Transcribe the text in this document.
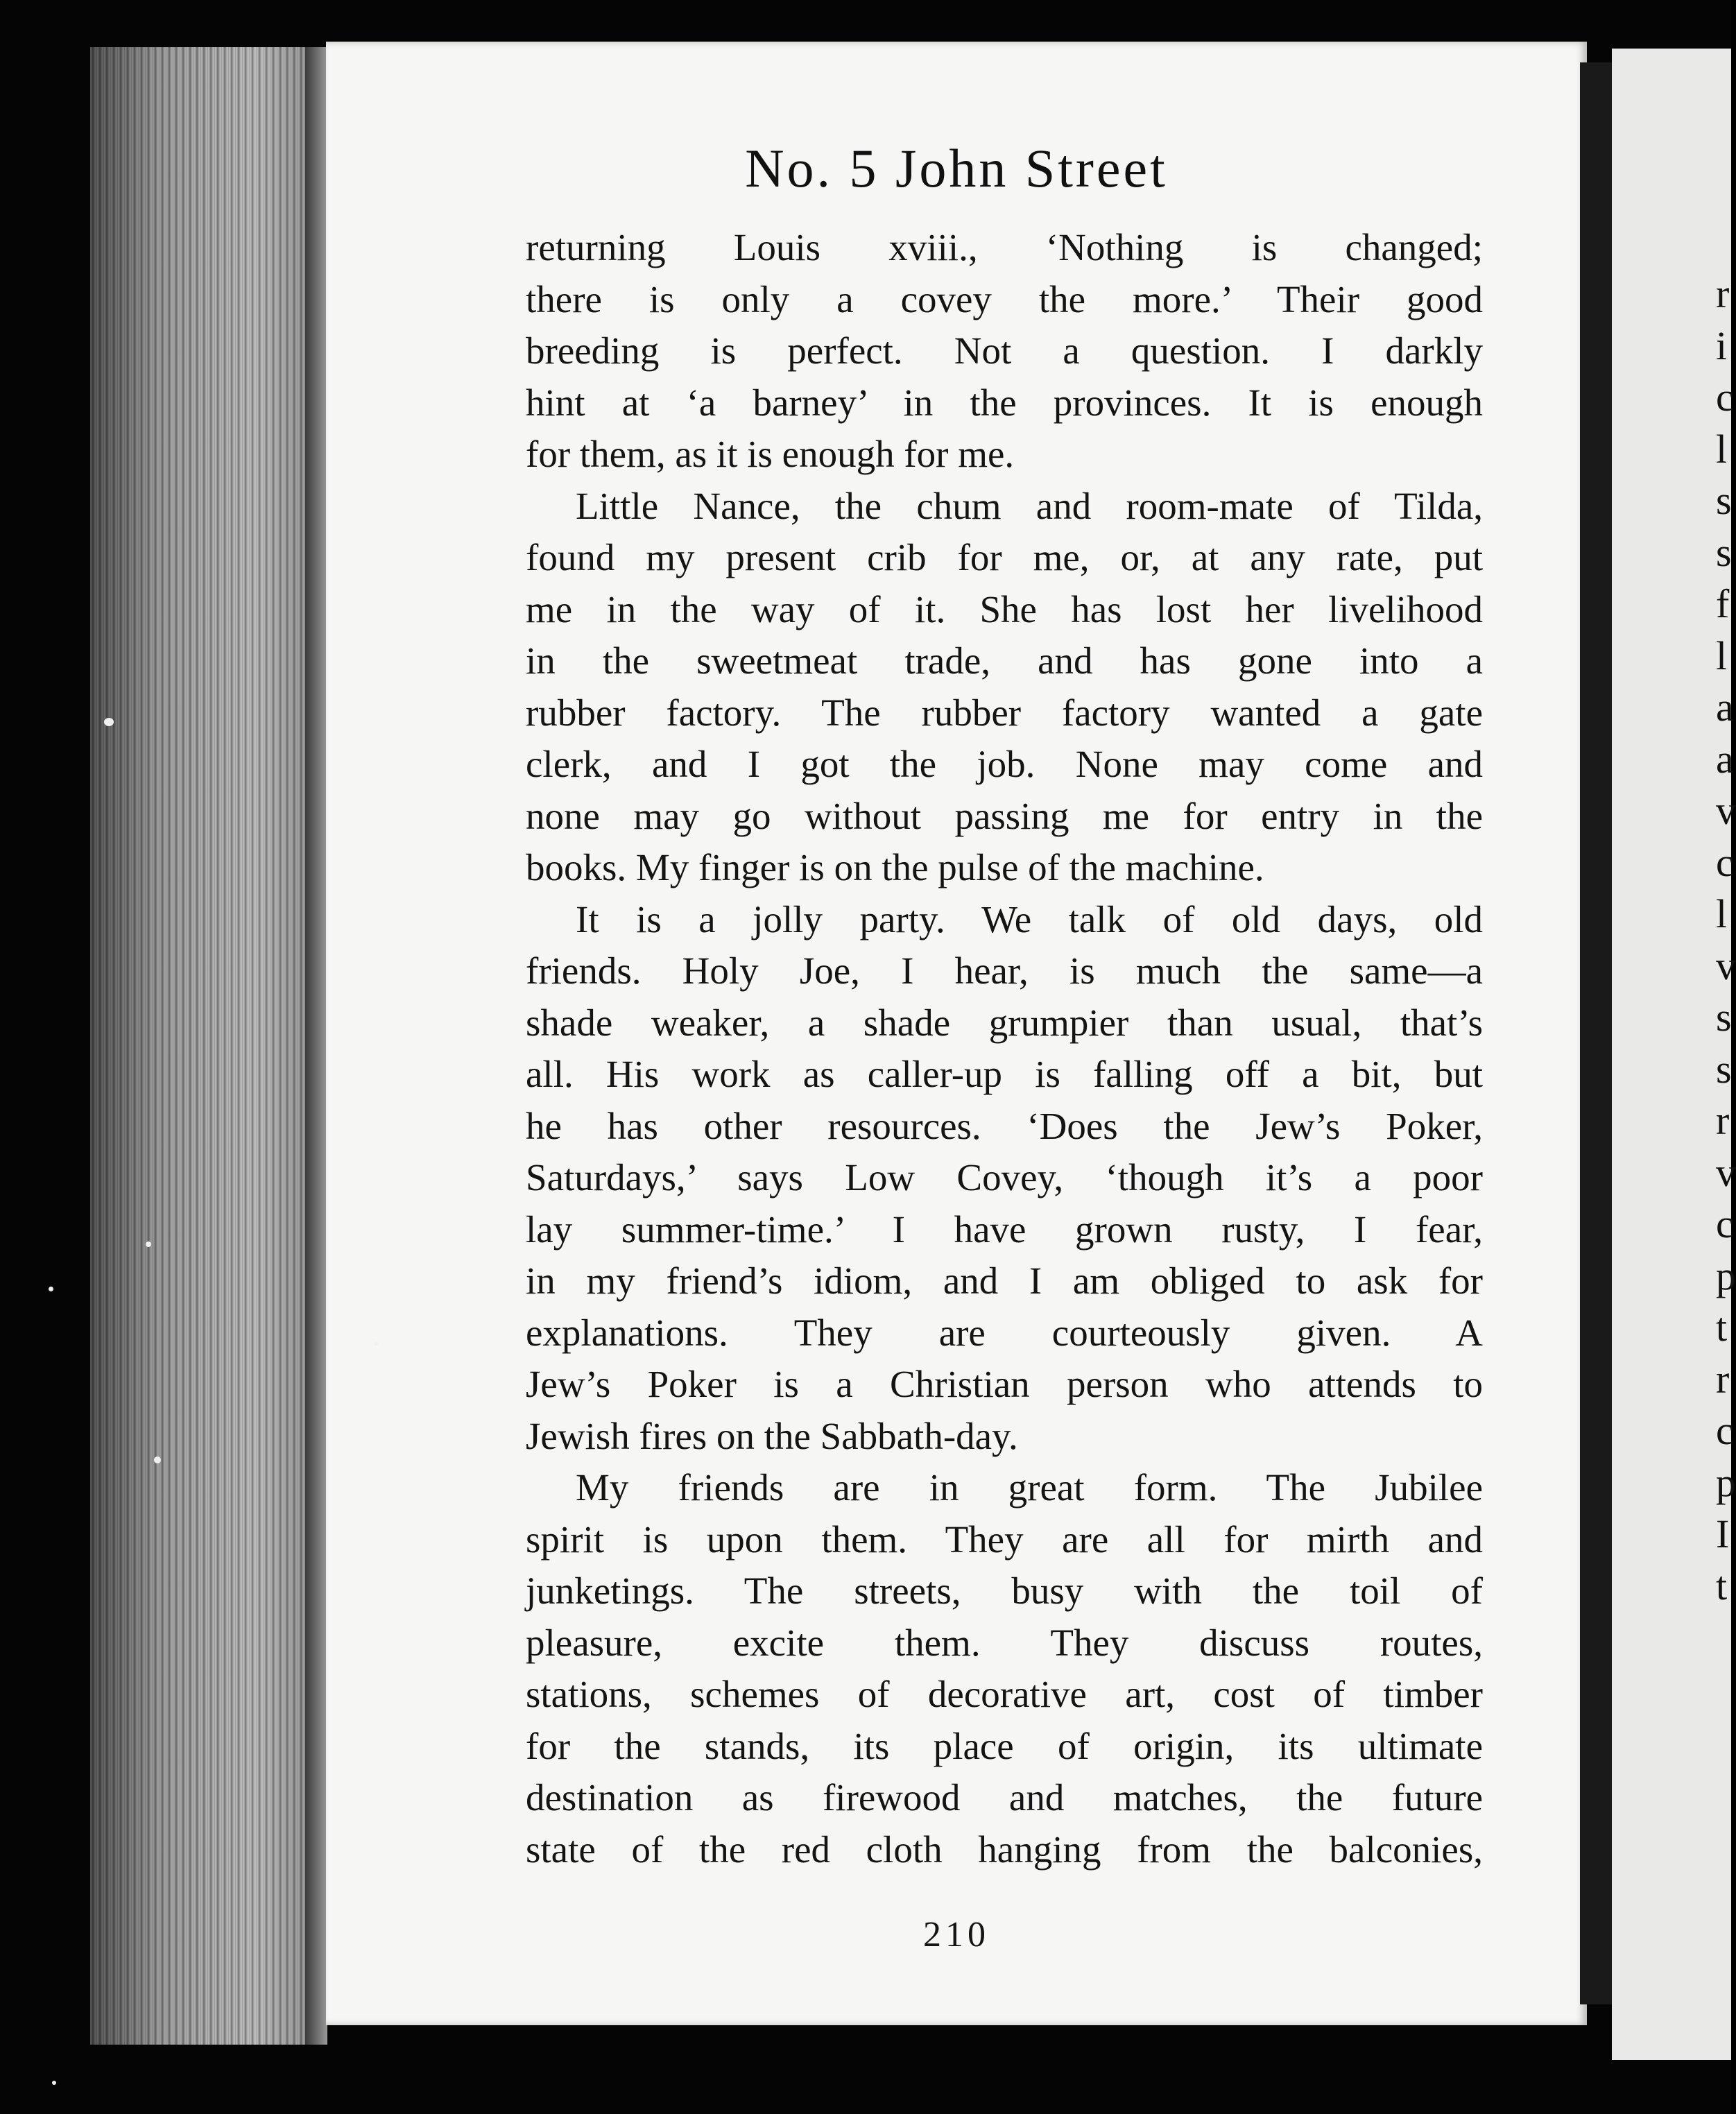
r
i
c
l
s
s
f
l
a
a
v
c
l
v
s
s
r
v
c
p
t
r
c
p
I
t
No. 5 John Street
returning Louis xviii., ‘Nothing is changed;
there is only a covey the more.’ Their good
breeding is perfect. Not a question. I darkly
hint at ‘a barney’ in the provinces. It is enough
for them, as it is enough for me.
Little Nance, the chum and room-mate of Tilda,
found my present crib for me, or, at any rate, put
me in the way of it. She has lost her livelihood
in the sweetmeat trade, and has gone into a
rubber factory. The rubber factory wanted a gate
clerk, and I got the job. None may come and
none may go without passing me for entry in the
books. My finger is on the pulse of the machine.
It is a jolly party. We talk of old days, old
friends. Holy Joe, I hear, is much the same—a
shade weaker, a shade grumpier than usual, that’s
all. His work as caller-up is falling off a bit, but
he has other resources. ‘Does the Jew’s Poker,
Saturdays,’ says Low Covey, ‘though it’s a poor
lay summer-time.’ I have grown rusty, I fear,
in my friend’s idiom, and I am obliged to ask for
explanations. They are courteously given. A
Jew’s Poker is a Christian person who attends to
Jewish fires on the Sabbath-day.
My friends are in great form. The Jubilee
spirit is upon them. They are all for mirth and
junketings. The streets, busy with the toil of
pleasure, excite them. They discuss routes,
stations, schemes of decorative art, cost of timber
for the stands, its place of origin, its ultimate
destination as firewood and matches, the future
state of the red cloth hanging from the balconies,
210
